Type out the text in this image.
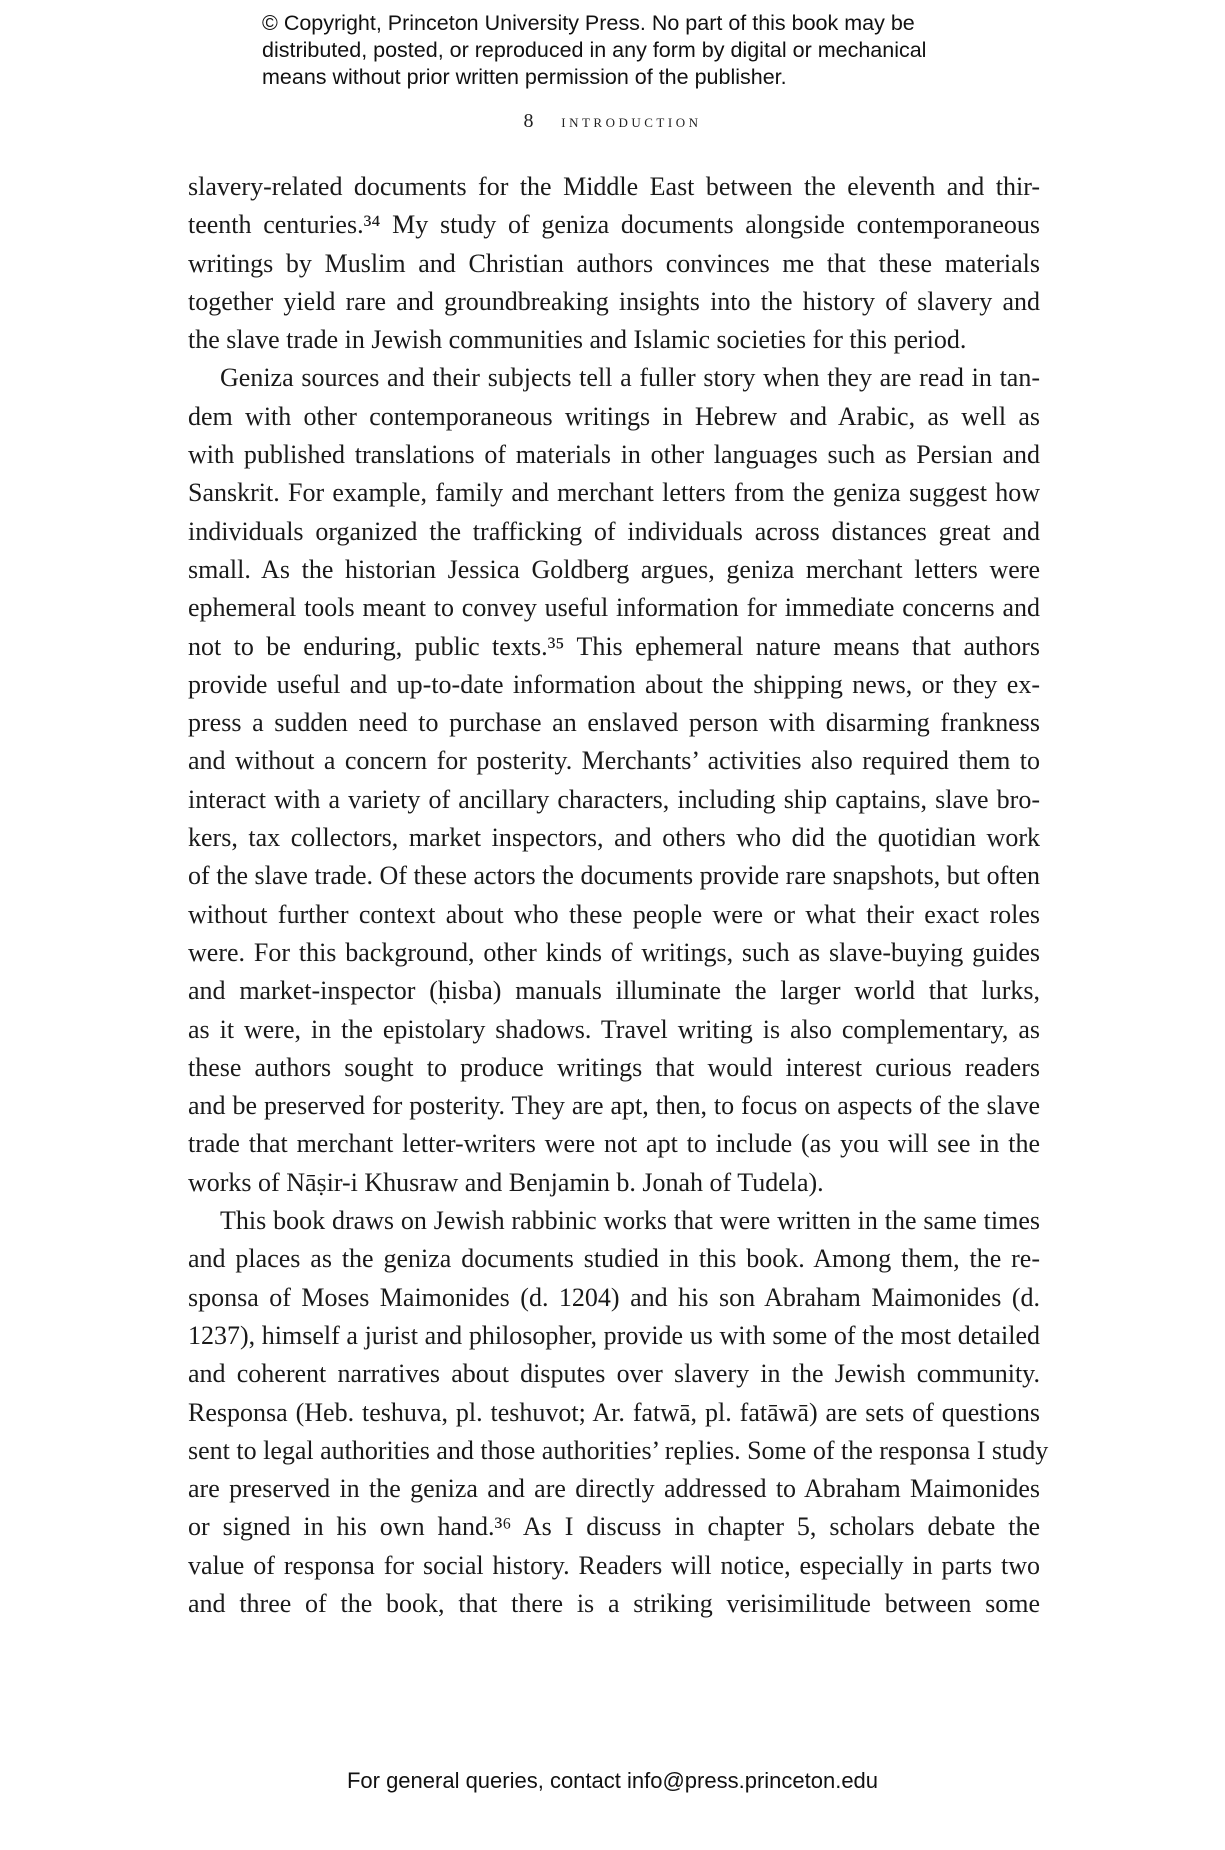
© Copyright, Princeton University Press. No part of this book may be
distributed, posted, or reproduced in any form by digital or mechanical
means without prior written permission of the publisher.
8 introduction
slavery-related documents for the Middle East between the eleventh and thir-
teenth centuries.³⁴ My study of geniza documents alongside contemporaneous
writings by Muslim and Christian authors convinces me that these materials
together yield rare and groundbreaking insights into the history of slavery and
the slave trade in Jewish communities and Islamic societies for this period.
Geniza sources and their subjects tell a fuller story when they are read in tan-
dem with other contemporaneous writings in Hebrew and Arabic, as well as
with published translations of materials in other languages such as Persian and
Sanskrit. For example, family and merchant letters from the geniza suggest how
individuals organized the trafficking of individuals across distances great and
small. As the historian Jessica Goldberg argues, geniza merchant letters were
ephemeral tools meant to convey useful information for immediate concerns and
not to be enduring, public texts.³⁵ This ephemeral nature means that authors
provide useful and up-to-date information about the shipping news, or they ex-
press a sudden need to purchase an enslaved person with disarming frankness
and without a concern for posterity. Merchants’ activities also required them to
interact with a variety of ancillary characters, including ship captains, slave bro-
kers, tax collectors, market inspectors, and others who did the quotidian work
of the slave trade. Of these actors the documents provide rare snapshots, but often
without further context about who these people were or what their exact roles
were. For this background, other kinds of writings, such as slave-buying guides
and market-inspector (ḥisba) manuals illuminate the larger world that lurks,
as it were, in the epistolary shadows. Travel writing is also complementary, as
these authors sought to produce writings that would interest curious readers
and be preserved for posterity. They are apt, then, to focus on aspects of the slave
trade that merchant letter-writers were not apt to include (as you will see in the
works of Nāṣir-i Khusraw and Benjamin b. Jonah of Tudela).
This book draws on Jewish rabbinic works that were written in the same times
and places as the geniza documents studied in this book. Among them, the re-
sponsa of Moses Maimonides (d. 1204) and his son Abraham Maimonides (d.
1237), himself a jurist and philosopher, provide us with some of the most detailed
and coherent narratives about disputes over slavery in the Jewish community.
Responsa (Heb. teshuva, pl. teshuvot; Ar. fatwā, pl. fatāwā) are sets of questions
sent to legal authorities and those authorities’ replies. Some of the responsa I study
are preserved in the geniza and are directly addressed to Abraham Maimonides
or signed in his own hand.³⁶ As I discuss in chapter 5, scholars debate the
value of responsa for social history. Readers will notice, especially in parts two
and three of the book, that there is a striking verisimilitude between some
For general queries, contact info@press.princeton.edu
